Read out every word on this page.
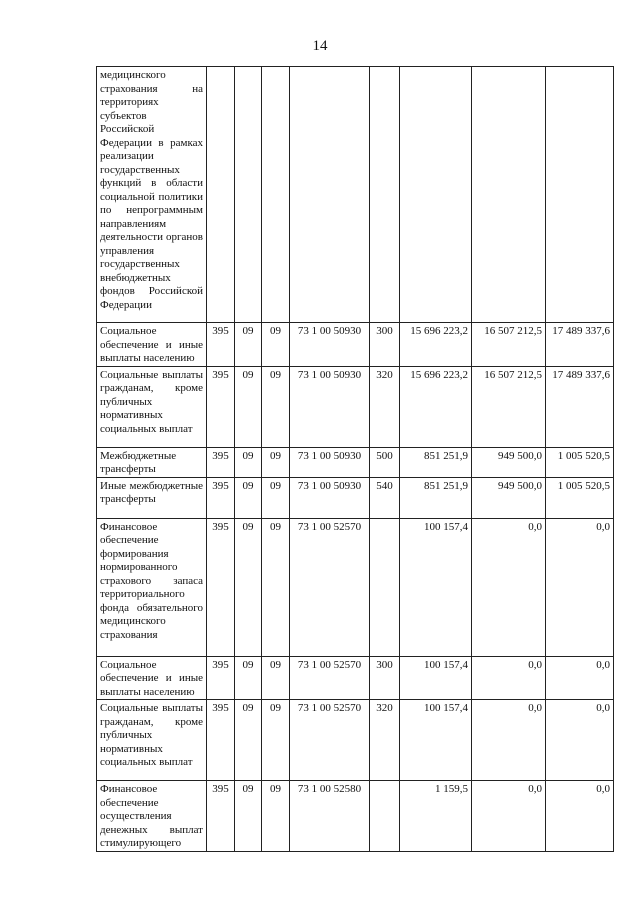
14
медицинского страхования на территориях субъектов Российской Федерации в рамках реализации государственных функций в области социальной политики по непрограммным направлениям деятельности органов управления государственных внебюджетных фондов Российской Федерации								
Социальное обеспечение и иные выплаты населению	395	09	09	73 1 00 50930	300	15 696 223,2	16 507 212,5	17 489 337,6
Социальные выплаты гражданам, кроме публичных нормативных социальных выплат	395	09	09	73 1 00 50930	320	15 696 223,2	16 507 212,5	17 489 337,6
Межбюджетные трансферты	395	09	09	73 1 00 50930	500	851 251,9	949 500,0	1 005 520,5
Иные межбюджетные трансферты	395	09	09	73 1 00 50930	540	851 251,9	949 500,0	1 005 520,5
Финансовое обеспечение формирования нормированного страхового запаса территориального фонда обязательного медицинского страхования	395	09	09	73 1 00 52570		100 157,4	0,0	0,0
Социальное обеспечение и иные выплаты населению	395	09	09	73 1 00 52570	300	100 157,4	0,0	0,0
Социальные выплаты гражданам, кроме публичных нормативных социальных выплат	395	09	09	73 1 00 52570	320	100 157,4	0,0	0,0
Финансовое обеспечение осуществления денежных выплат стимулирующего	395	09	09	73 1 00 52580		1 159,5	0,0	0,0
